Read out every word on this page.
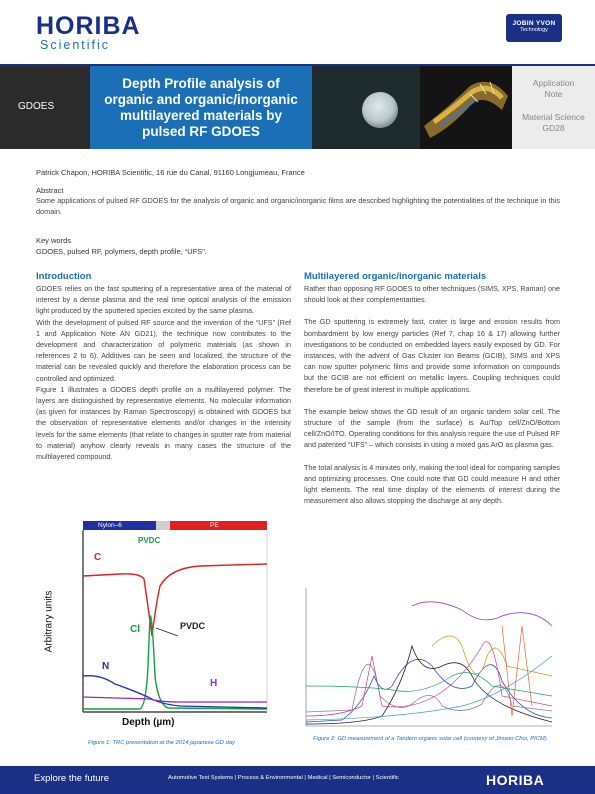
HORIBA
Scientific
JOBIN YVON
Technology
GDOES
Depth Profile analysis of organic and organic/inorganic multilayered materials by pulsed RF GDOES
Application
Note
Material Science
GD28
Patrick Chapon, HORIBA Scientific, 16 rue du Canal, 91160 Longjumeau, France
Abstract
Some applications of pulsed RF GDOES for the analysis of organic and organic/inorganic films are described highlighting the potentialities of the technique in this domain.
Key words
GDOES, pulsed RF, polymers, depth profile, “UFS”.
Introduction
GDOES relies on the fast sputtering of a representative area of the material of interest by a dense plasma and the real time optical analysis of the emission light produced by the sputtered species excited by the same plasma.
With the development of pulsed RF source and the invention of the “UFS” (Ref 1 and Application Note AN GD21), the technique now contributes to the development and characterization of polymeric materials (as shown in references 2 to 6). Additives can be seen and localized, the structure of the material can be revealed quickly and therefore the elaboration process can be controlled and optimized.
Figure 1 illustrates a GDOES depth profile on a multilayered polymer. The layers are distinguished by representative elements. No molecular information (as given for instances by Raman Spectroscopy) is obtained with GDOES but the observation of representative elements and/or changes in the intensity levels for the same elements (that relate to changes in sputter rate from material to material) anyhow clearly reveals in many cases the structure of the multilayered compound.
Multilayered organic/inorganic materials
Rather than opposing RF GDOES to other techniques (SIMS, XPS, Raman) one should look at their complementarities.
The GD sputtering is extremely fast, crater is large and erosion results from bombardment by low energy particles (Ref 7, chap 16 & 17) allowing further investigations to be conducted on embedded layers easily exposed by GD. For instances, with the advent of Gas Cluster Ion Beams (GCIB), SIMS and XPS can now sputter polymeric films and provide some information on compounds but the GCIB are not efficient on metallic layers. Coupling techniques could therefore be of great interest in multiple applications.
The example below shows the GD result of an organic tandem solar cell. The structure of the sample (from the surface) is Au/Top cell/ZnO/Bottom cell/ZnO/ITO. Operating conditions for this analysis require the use of Pulsed RF and patented “UFS” – which consists in using a mixed gas ArO as plasma gas.
The total analysis is 4 minutes only, making the tool ideal for comparing samples and optimizing processes. One could note that GD could measure H and other light elements. The real time display of the elements of interest during the measurement also allows stopping the discharge at any depth.
Nylon–6	PE
PVDC
C
Cl	PVDC
N
H
Arbitrary units
Depth (µm)
Figure 1: TRC presentation at the 2014 japanese GD day
Figure 2: GD measurement of a Tandem organic solar cell (courtesy of Jinwoo Choi, PICM)
Explore the future	Automotive Test Systems | Process & Environmental | Medical | Semiconductor | Scientific	HORIBA
